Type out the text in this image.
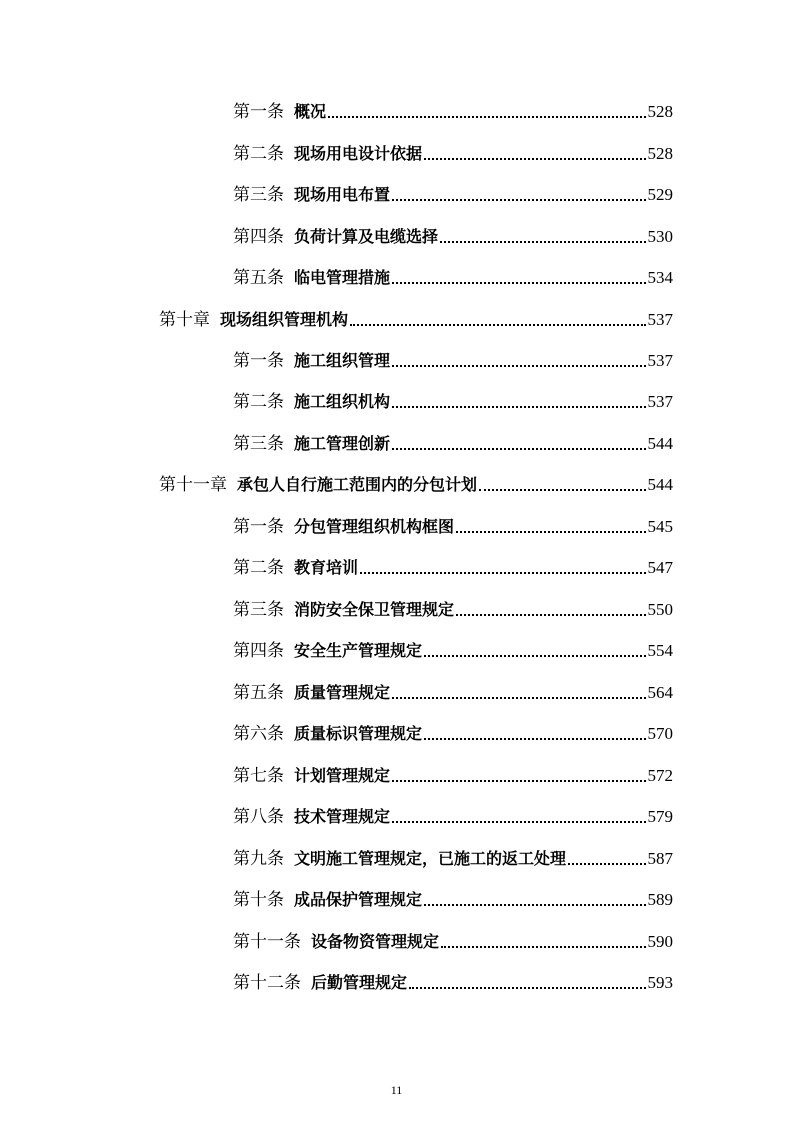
第一条 概况	528
第二条 现场用电设计依据	528
第三条 现场用电布置	529
第四条 负荷计算及电缆选择	530
第五条 临电管理措施	534
第十章 现场组织管理机构	537
第一条 施工组织管理	537
第二条 施工组织机构	537
第三条 施工管理创新	544
第十一章 承包人自行施工范围内的分包计划	544
第一条 分包管理组织机构框图	545
第二条 教育培训	547
第三条 消防安全保卫管理规定	550
第四条 安全生产管理规定	554
第五条 质量管理规定	564
第六条 质量标识管理规定	570
第七条 计划管理规定	572
第八条 技术管理规定	579
第九条 文明施工管理规定，已施工的返工处理	587
第十条 成品保护管理规定	589
第十一条 设备物资管理规定	590
第十二条 后勤管理规定	593
11
